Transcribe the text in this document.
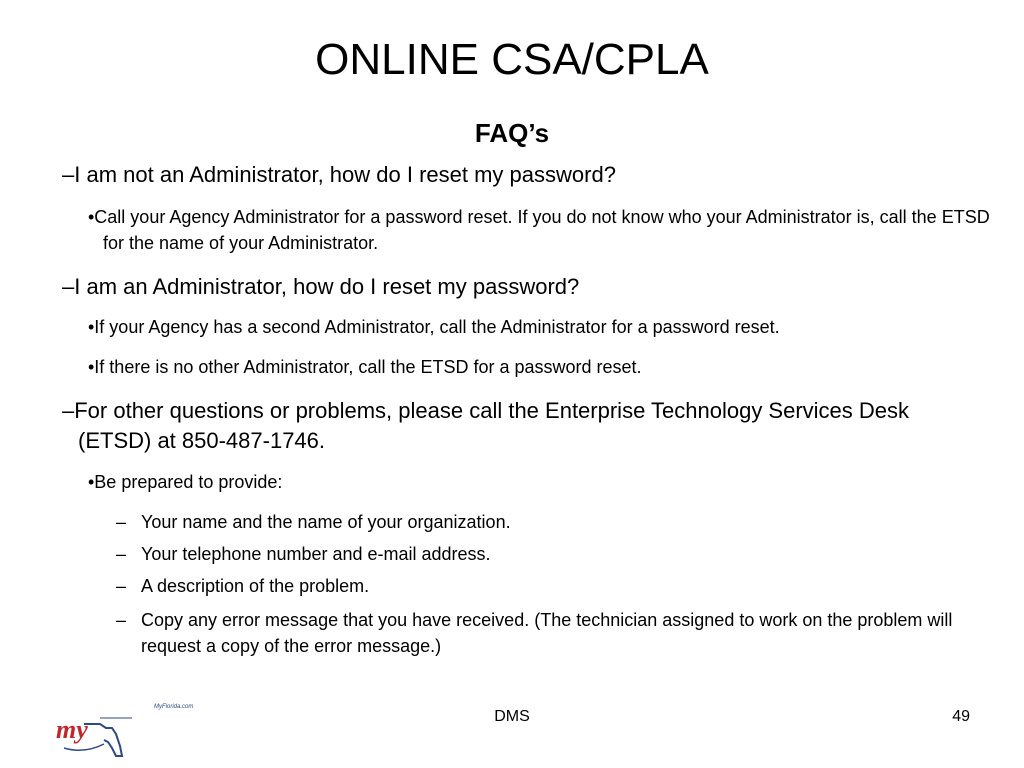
ONLINE CSA/CPLA
FAQ’s
–I am not an Administrator, how do I reset my password?
•Call your Agency Administrator for a password reset. If you do not know who your Administrator is, call the ETSD for the name of your Administrator.
–I am an Administrator, how do I reset my password?
•If your Agency has a second Administrator, call the Administrator for a password reset.
•If there is no other Administrator, call the ETSD for a password reset.
–For other questions or problems, please call the Enterprise Technology Services Desk (ETSD) at 850-487-1746.
•Be prepared to provide:
– Your name and the name of your organization.
– Your telephone number and e-mail address.
– A description of the problem.
– Copy any error message that you have received. (The technician assigned to work on the problem will request a copy of the error message.)
MyFlorida.com
my	DMS	49
